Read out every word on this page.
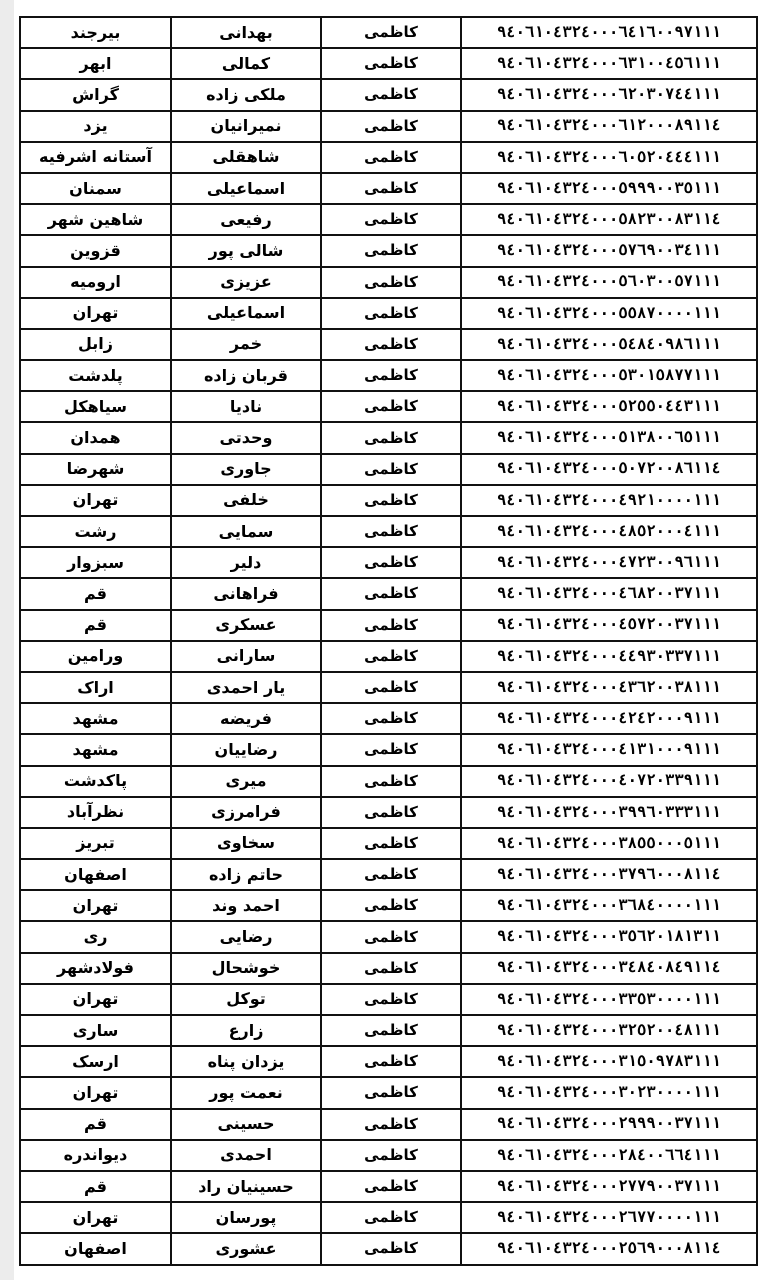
۹٤۰٦۱۰٤۳۲٤۰۰۰٦٤۱٦۰۰۹۷۱۱۱	کاظمی	بهدانی	بیرجند
۹٤۰٦۱۰٤۳۲٤۰۰۰٦۳۱۰۰٤٥٦۱۱۱	کاظمی	کمالی	ابهر
۹٤۰٦۱۰٤۳۲٤۰۰۰٦۲۰۳۰۷٤٤۱۱۱	کاظمی	ملکی زاده	گراش
۹٤۰٦۱۰٤۳۲٤۰۰۰٦۱۲۰۰۰۸۹۱۱٤	کاظمی	نمیرانیان	یزد
۹٤۰٦۱۰٤۳۲٤۰۰۰٦۰٥۲۰٤٤٤۱۱۱	کاظمی	شاهقلی	آستانه اشرفیه
۹٤۰٦۱۰٤۳۲٤۰۰۰٥۹۹۹۰۰۳٥۱۱۱	کاظمی	اسماعیلی	سمنان
۹٤۰٦۱۰٤۳۲٤۰۰۰٥۸۲۳۰۰۸۳۱۱٤	کاظمی	رفیعی	شاهین شهر
۹٤۰٦۱۰٤۳۲٤۰۰۰٥۷٦۹۰۰۳٤۱۱۱	کاظمی	شالی پور	قزوین
۹٤۰٦۱۰٤۳۲٤۰۰۰٥٦۰۳۰۰٥۷۱۱۱	کاظمی	عزیزی	ارومیه
۹٤۰٦۱۰٤۳۲٤۰۰۰٥٥۸۷۰۰۰۰۱۱۱	کاظمی	اسماعیلی	تهران
۹٤۰٦۱۰٤۳۲٤۰۰۰٥٤۸٤۰۹۸٦۱۱۱	کاظمی	خمر	زابل
۹٤۰٦۱۰٤۳۲٤۰۰۰٥۳۰۱٥۸۷۷۱۱۱	کاظمی	قربان زاده	پلدشت
۹٤۰٦۱۰٤۳۲٤۰۰۰٥۲٥٥۰٤٤۳۱۱۱	کاظمی	نادیا	سیاهکل
۹٤۰٦۱۰٤۳۲٤۰۰۰٥۱۳۸۰۰٦٥۱۱۱	کاظمی	وحدتی	همدان
۹٤۰٦۱۰٤۳۲٤۰۰۰٥۰۷۲۰۰۸٦۱۱٤	کاظمی	جاوری	شهرضا
۹٤۰٦۱۰٤۳۲٤۰۰۰٤۹۲۱۰۰۰۰۱۱۱	کاظمی	خلفی	تهران
۹٤۰٦۱۰٤۳۲٤۰۰۰٤۸٥۲۰۰۰٤۱۱۱	کاظمی	سمایی	رشت
۹٤۰٦۱۰٤۳۲٤۰۰۰٤۷۲۳۰۰۹٦۱۱۱	کاظمی	دلیر	سبزوار
۹٤۰٦۱۰٤۳۲٤۰۰۰٤٦۸۲۰۰۳۷۱۱۱	کاظمی	فراهانی	قم
۹٤۰٦۱۰٤۳۲٤۰۰۰٤٥۷۲۰۰۳۷۱۱۱	کاظمی	عسکری	قم
۹٤۰٦۱۰٤۳۲٤۰۰۰٤٤۹۳۰۳۳۷۱۱۱	کاظمی	سارانی	ورامین
۹٤۰٦۱۰٤۳۲٤۰۰۰٤۳٦۲۰۰۳۸۱۱۱	کاظمی	یار احمدی	اراک
۹٤۰٦۱۰٤۳۲٤۰۰۰٤۲٤۲۰۰۰۹۱۱۱	کاظمی	فریضه	مشهد
۹٤۰٦۱۰٤۳۲٤۰۰۰٤۱۳۱۰۰۰۹۱۱۱	کاظمی	رضاییان	مشهد
۹٤۰٦۱۰٤۳۲٤۰۰۰٤۰۷۲۰۳۳۹۱۱۱	کاظمی	میری	پاکدشت
۹٤۰٦۱۰٤۳۲٤۰۰۰۳۹۹٦۰۳۳۳۱۱۱	کاظمی	فرامرزی	نظرآباد
۹٤۰٦۱۰٤۳۲٤۰۰۰۳۸٥٥۰۰۰٥۱۱۱	کاظمی	سخاوی	تبریز
۹٤۰٦۱۰٤۳۲٤۰۰۰۳۷۹٦۰۰۰۸۱۱٤	کاظمی	حاتم زاده	اصفهان
۹٤۰٦۱۰٤۳۲٤۰۰۰۳٦۸٤۰۰۰۰۱۱۱	کاظمی	احمد وند	تهران
۹٤۰٦۱۰٤۳۲٤۰۰۰۳٥٦۲۰۱۸۱۳۱۱	کاظمی	رضایی	ری
۹٤۰٦۱۰٤۳۲٤۰۰۰۳٤۸٤۰۸٤۹۱۱٤	کاظمی	خوشحال	فولادشهر
۹٤۰٦۱۰٤۳۲٤۰۰۰۳۳٥۳۰۰۰۰۱۱۱	کاظمی	توکل	تهران
۹٤۰٦۱۰٤۳۲٤۰۰۰۳۲٥۲۰۰٤۸۱۱۱	کاظمی	زارع	ساری
۹٤۰٦۱۰٤۳۲٤۰۰۰۳۱٥۰۹۷۸۳۱۱۱	کاظمی	یزدان پناه	ارسک
۹٤۰٦۱۰٤۳۲٤۰۰۰۳۰۲۳۰۰۰۰۱۱۱	کاظمی	نعمت پور	تهران
۹٤۰٦۱۰٤۳۲٤۰۰۰۲۹۹۹۰۰۳۷۱۱۱	کاظمی	حسینی	قم
۹٤۰٦۱۰٤۳۲٤۰۰۰۲۸٤۰۰٦٦٤۱۱۱	کاظمی	احمدی	دیواندره
۹٤۰٦۱۰٤۳۲٤۰۰۰۲۷۷۹۰۰۳۷۱۱۱	کاظمی	حسینیان راد	قم
۹٤۰٦۱۰٤۳۲٤۰۰۰۲٦۷۷۰۰۰۰۱۱۱	کاظمی	پورسان	تهران
۹٤۰٦۱۰٤۳۲٤۰۰۰۲٥٦۹۰۰۰۸۱۱٤	کاظمی	عشوری	اصفهان
